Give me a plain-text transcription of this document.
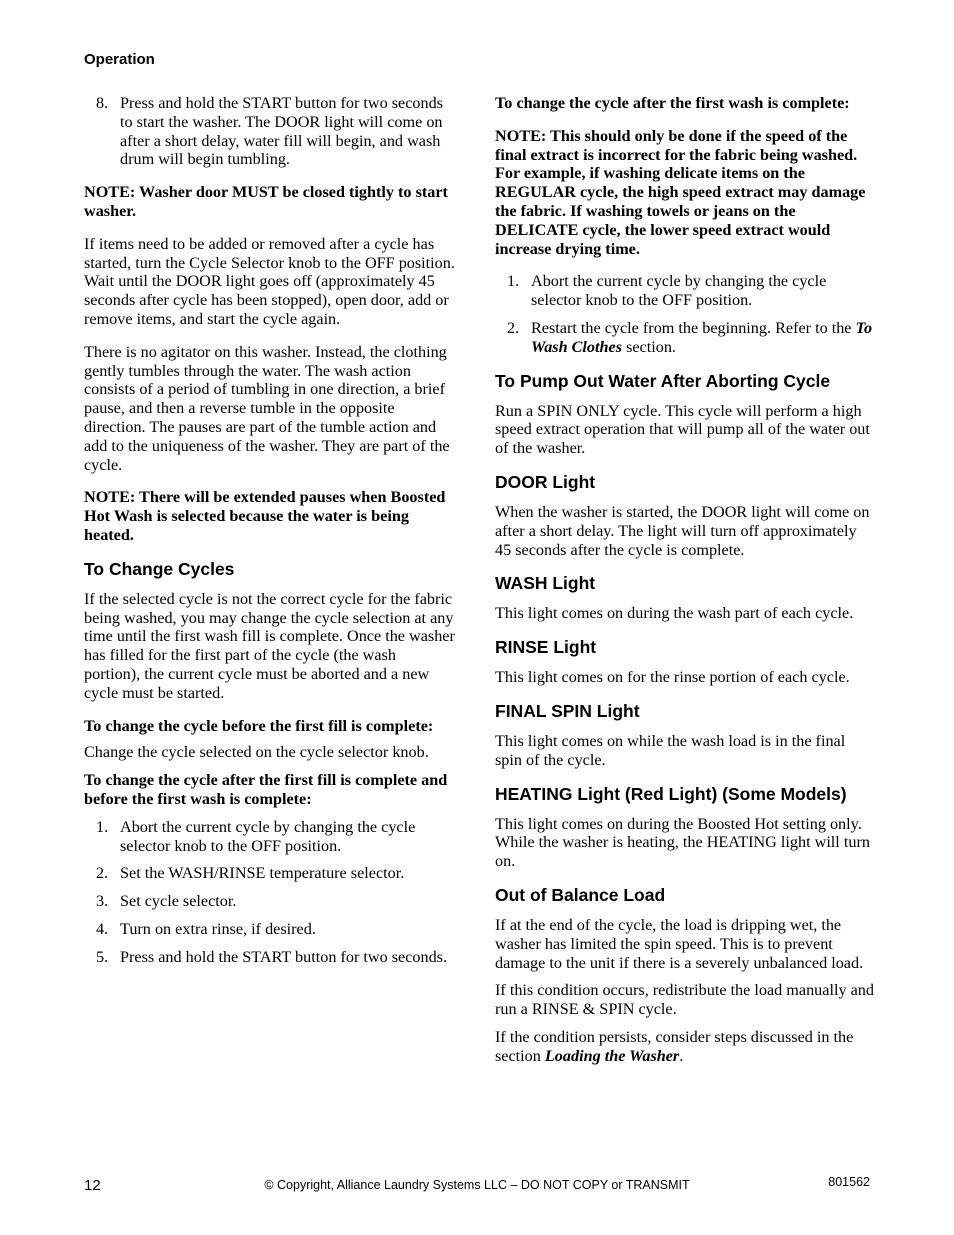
Operation
8. Press and hold the START button for two seconds to start the washer. The DOOR light will come on after a short delay, water fill will begin, and wash drum will begin tumbling.

NOTE: Washer door MUST be closed tightly to start washer.

If items need to be added or removed after a cycle has started, turn the Cycle Selector knob to the OFF position. Wait until the DOOR light goes off (approximately 45 seconds after cycle has been stopped), open door, add or remove items, and start the cycle again.

There is no agitator on this washer. Instead, the clothing gently tumbles through the water. The wash action consists of a period of tumbling in one direction, a brief pause, and then a reverse tumble in the opposite direction. The pauses are part of the tumble action and add to the uniqueness of the washer. They are part of the cycle.

NOTE: There will be extended pauses when Boosted Hot Wash is selected because the water is being heated.

To Change Cycles

If the selected cycle is not the correct cycle for the fabric being washed, you may change the cycle selection at any time until the first wash fill is complete. Once the washer has filled for the first part of the cycle (the wash portion), the current cycle must be aborted and a new cycle must be started.

To change the cycle before the first fill is complete:

Change the cycle selected on the cycle selector knob.

To change the cycle after the first fill is complete and before the first wash is complete:

1. Abort the current cycle by changing the cycle selector knob to the OFF position.
2. Set the WASH/RINSE temperature selector.
3. Set cycle selector.
4. Turn on extra rinse, if desired.
5. Press and hold the START button for two seconds.

To change the cycle after the first wash is complete:

NOTE: This should only be done if the speed of the final extract is incorrect for the fabric being washed. For example, if washing delicate items on the REGULAR cycle, the high speed extract may damage the fabric. If washing towels or jeans on the DELICATE cycle, the lower speed extract would increase drying time.

1. Abort the current cycle by changing the cycle selector knob to the OFF position.
2. Restart the cycle from the beginning. Refer to the To Wash Clothes section.
To Pump Out Water After Aborting Cycle

Run a SPIN ONLY cycle. This cycle will perform a high speed extract operation that will pump all of the water out of the washer.

DOOR Light

When the washer is started, the DOOR light will come on after a short delay. The light will turn off approximately 45 seconds after the cycle is complete.

WASH Light

This light comes on during the wash part of each cycle.

RINSE Light

This light comes on for the rinse portion of each cycle.

FINAL SPIN Light

This light comes on while the wash load is in the final spin of the cycle.

HEATING Light (Red Light) (Some Models)

This light comes on during the Boosted Hot setting only. While the washer is heating, the HEATING light will turn on.

Out of Balance Load

If at the end of the cycle, the load is dripping wet, the washer has limited the spin speed. This is to prevent damage to the unit if there is a severely unbalanced load.

If this condition occurs, redistribute the load manually and run a RINSE & SPIN cycle.

If the condition persists, consider steps discussed in the section Loading the Washer.

12	© Copyright, Alliance Laundry Systems LLC – DO NOT COPY or TRANSMIT	801562
